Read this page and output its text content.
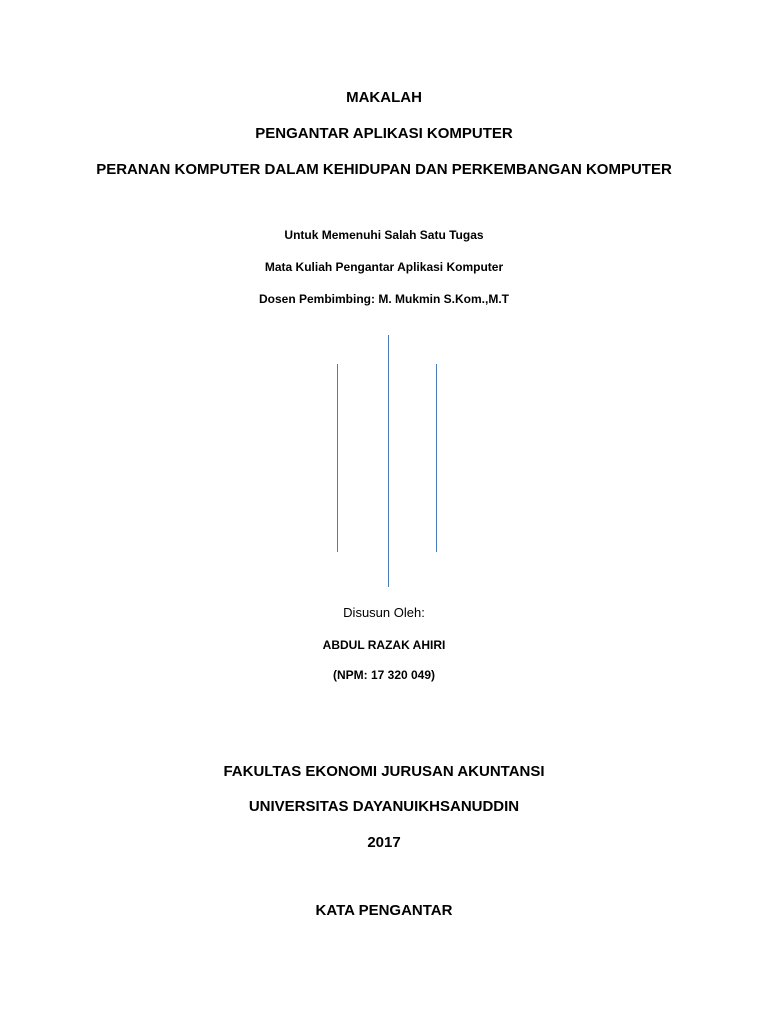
MAKALAH
PENGANTAR APLIKASI KOMPUTER
PERANAN KOMPUTER DALAM KEHIDUPAN DAN PERKEMBANGAN KOMPUTER
Untuk Memenuhi Salah Satu Tugas
Mata Kuliah Pengantar Aplikasi Komputer
Dosen Pembimbing: M. Mukmin S.Kom.,M.T
Disusun Oleh:
ABDUL RAZAK AHIRI
(NPM: 17 320 049)
FAKULTAS EKONOMI JURUSAN AKUNTANSI
UNIVERSITAS DAYANUIKHSANUDDIN
2017
KATA PENGANTAR
